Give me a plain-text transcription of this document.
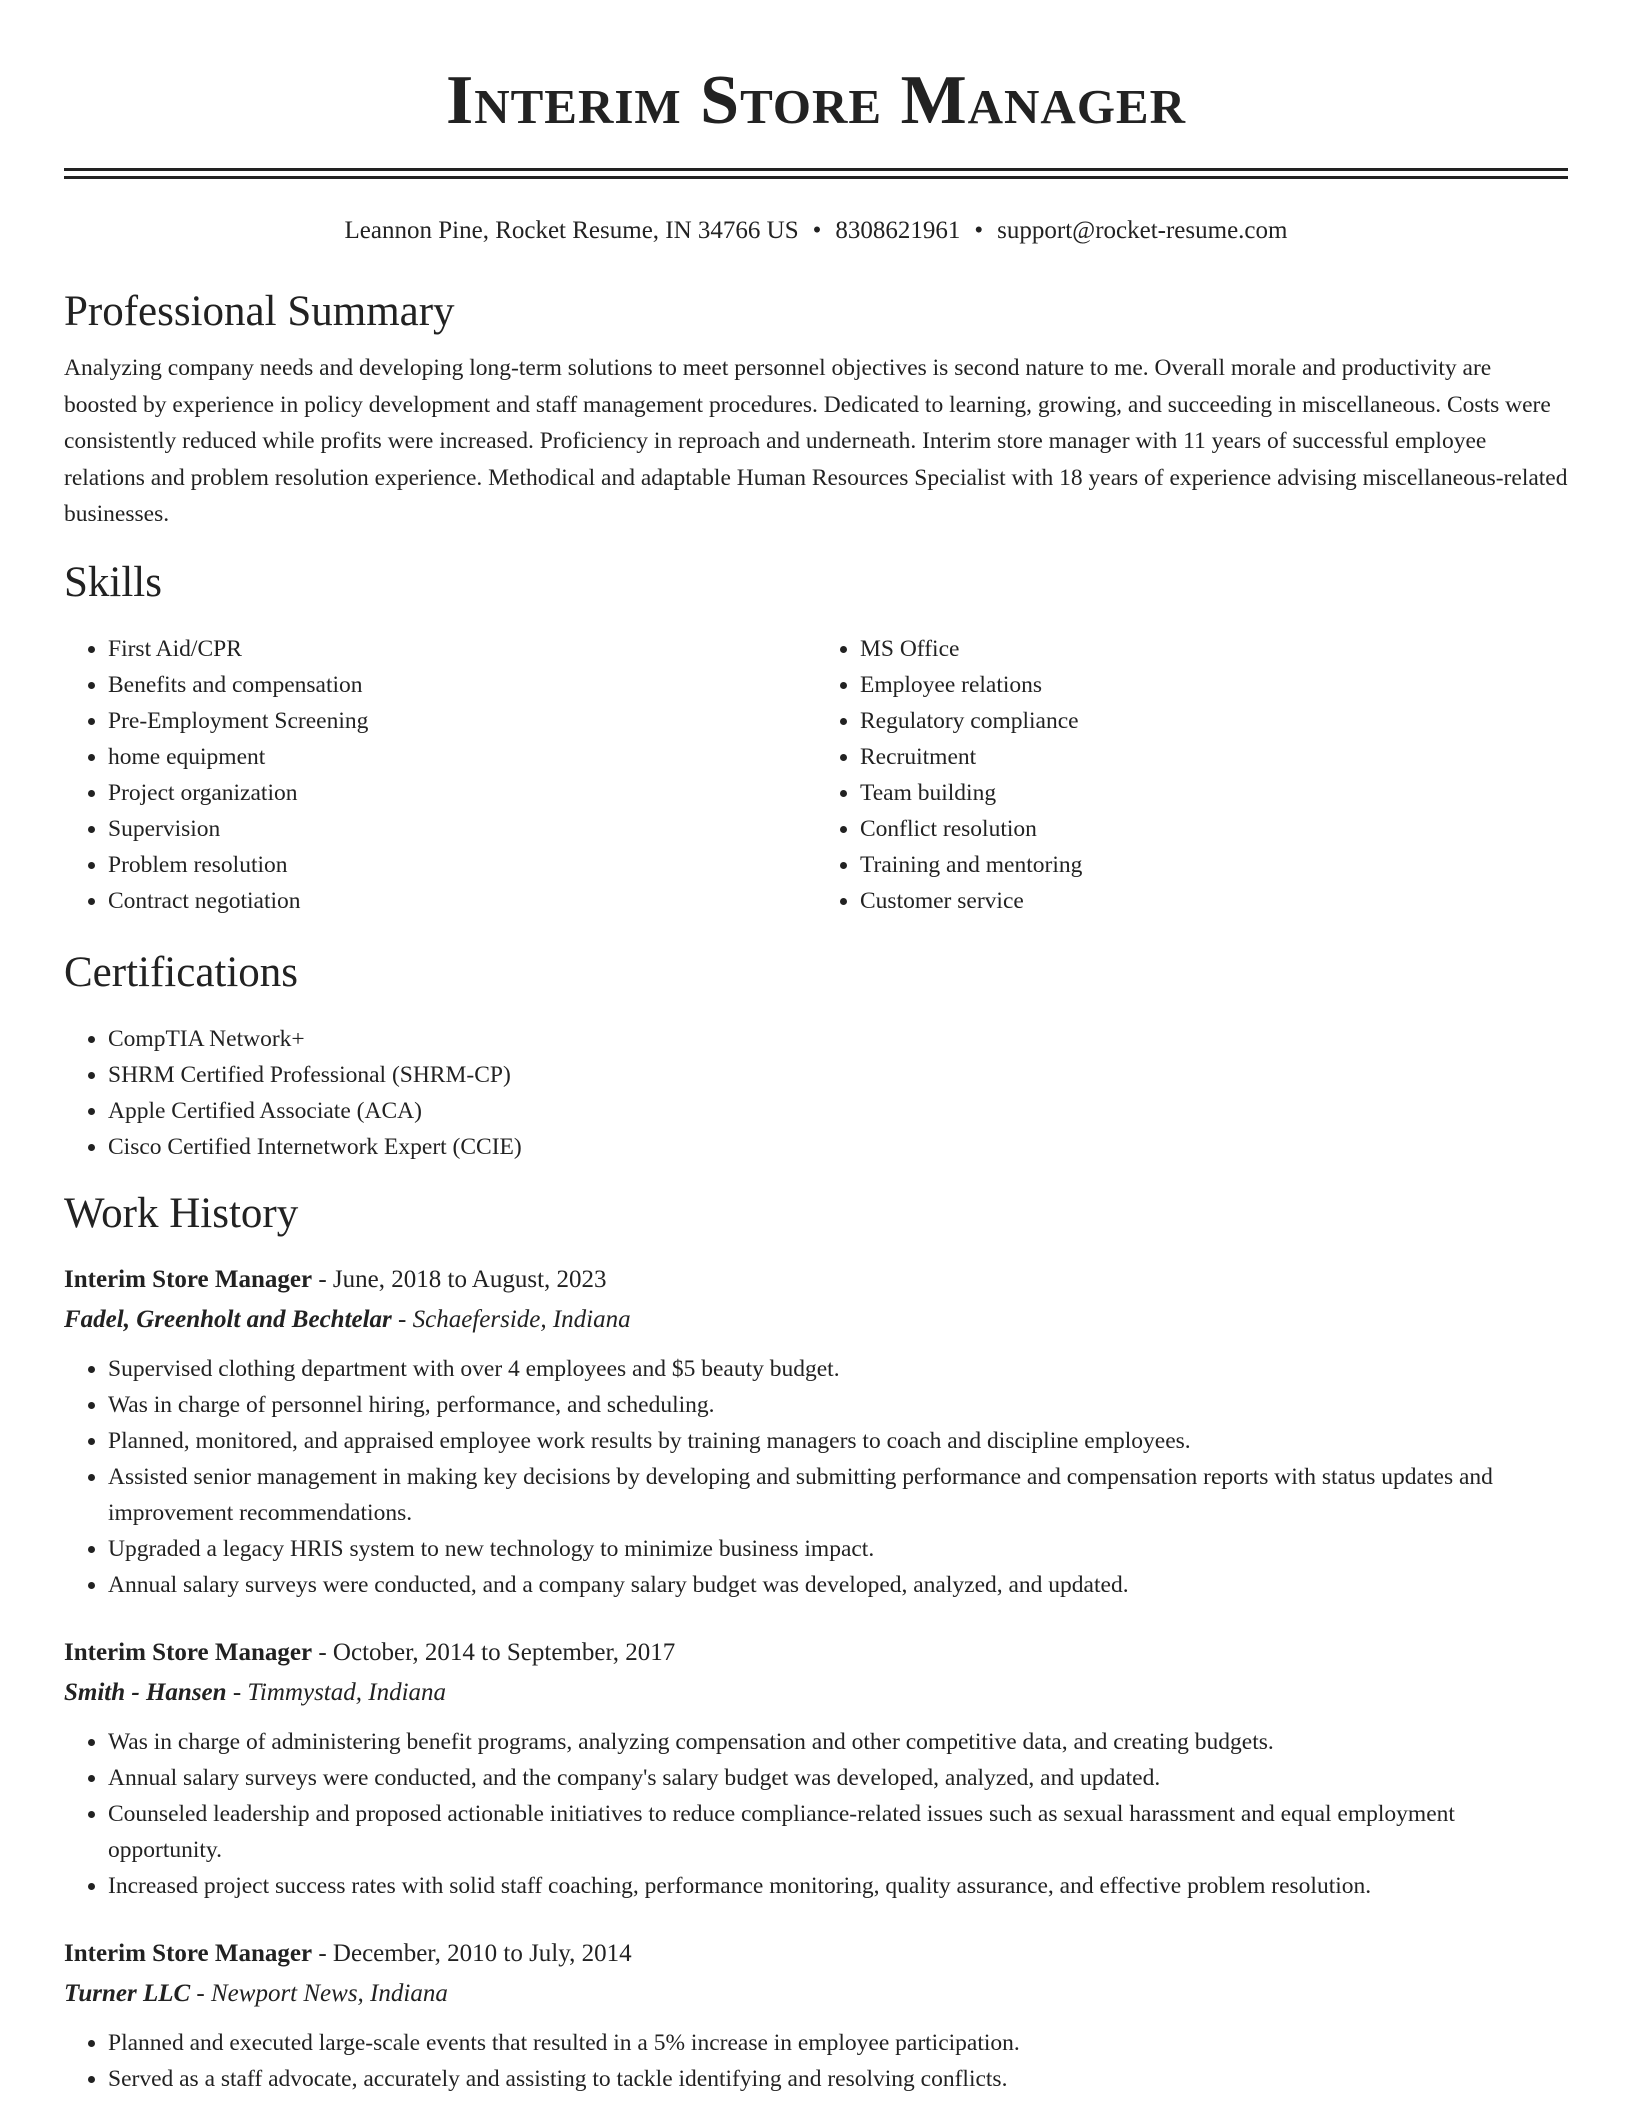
Interim Store Manager
Leannon Pine, Rocket Resume, IN 34766 US • 8308621961 • support@rocket-resume.com
Professional Summary

Analyzing company needs and developing long-term solutions to meet personnel objectives is second nature to me. Overall morale and productivity are boosted by experience in policy development and staff management procedures. Dedicated to learning, growing, and succeeding in miscellaneous. Costs were consistently reduced while profits were increased. Proficiency in reproach and underneath. Interim store manager with 11 years of successful employee relations and problem resolution experience. Methodical and adaptable Human Resources Specialist with 18 years of experience advising miscellaneous-related businesses.

Skills
• First Aid/CPR
• Benefits and compensation
• Pre-Employment Screening
• home equipment
• Project organization
• Supervision
• Problem resolution
• Contract negotiation
• MS Office
• Employee relations
• Regulatory compliance
• Recruitment
• Team building
• Conflict resolution
• Training and mentoring
• Customer service
Certifications
• CompTIA Network+
• SHRM Certified Professional (SHRM-CP)
• Apple Certified Associate (ACA)
• Cisco Certified Internetwork Expert (CCIE)
Work History
Interim Store Manager - June, 2018 to August, 2023
Fadel, Greenholt and Bechtelar - Schaeferside, Indiana
• Supervised clothing department with over 4 employees and $5 beauty budget.
• Was in charge of personnel hiring, performance, and scheduling.
• Planned, monitored, and appraised employee work results by training managers to coach and discipline employees.
• Assisted senior management in making key decisions by developing and submitting performance and compensation reports with status updates and improvement recommendations.
• Upgraded a legacy HRIS system to new technology to minimize business impact.
• Annual salary surveys were conducted, and a company salary budget was developed, analyzed, and updated.
Interim Store Manager - October, 2014 to September, 2017
Smith - Hansen - Timmystad, Indiana
• Was in charge of administering benefit programs, analyzing compensation and other competitive data, and creating budgets.
• Annual salary surveys were conducted, and the company's salary budget was developed, analyzed, and updated.
• Counseled leadership and proposed actionable initiatives to reduce compliance-related issues such as sexual harassment and equal employment opportunity.
• Increased project success rates with solid staff coaching, performance monitoring, quality assurance, and effective problem resolution.
Interim Store Manager - December, 2010 to July, 2014
Turner LLC - Newport News, Indiana
• Planned and executed large-scale events that resulted in a 5% increase in employee participation.
• Served as a staff advocate, accurately and assisting to tackle identifying and resolving conflicts.
